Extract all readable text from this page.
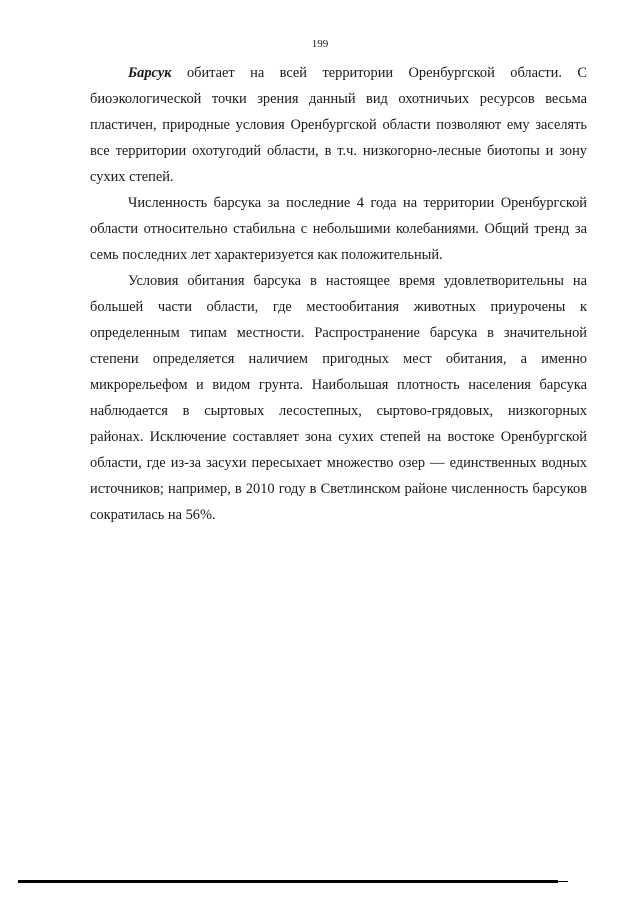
199

Барсук обитает на всей территории Оренбургской области. С биоэкологической точки зрения данный вид охотничьих ресурсов весьма пластичен, природные условия Оренбургской области позволяют ему заселять все территории охотугодий области, в т.ч. низкогорно-лесные биотопы и зону сухих степей.

Численность барсука за последние 4 года на территории Оренбургской области относительно стабильна с небольшими колебаниями. Общий тренд за семь последних лет характеризуется как положительный.

Условия обитания барсука в настоящее время удовлетворительны на большей части области, где местообитания животных приурочены к определенным типам местности. Распространение барсука в значительной степени определяется наличием пригодных мест обитания, а именно микрорельефом и видом грунта. Наибольшая плотность населения барсука наблюдается в сыртовых лесостепных, сыртово-грядовых, низкогорных районах. Исключение составляет зона сухих степей на востоке Оренбургской области, где из-за засухи пересыхает множество озер — единственных водных источников; например, в 2010 году в Светлинском районе численность барсуков сократилась на 56%.
